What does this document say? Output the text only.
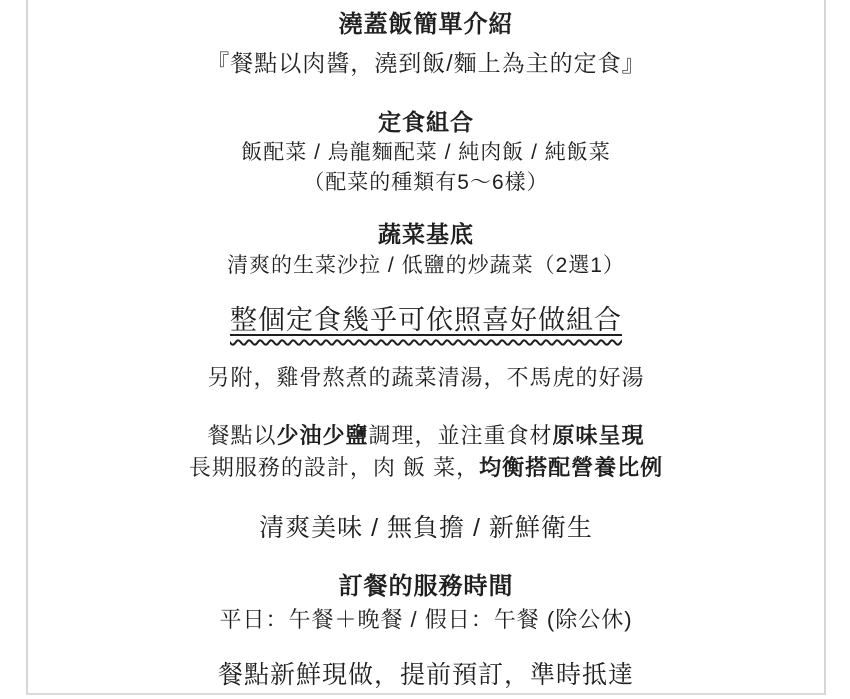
澆蓋飯簡單介紹
『餐點以肉醬，澆到飯/麵上為主的定食』
定食組合
飯配菜 / 烏龍麵配菜 / 純肉飯 / 純飯菜
（配菜的種類有5～6樣）
蔬菜基底
清爽的生菜沙拉 / 低鹽的炒蔬菜（2選1）
整個定食幾乎可依照喜好做組合
另附，雞骨熬煮的蔬菜清湯，不馬虎的好湯
餐點以少油少鹽調理，並注重食材原味呈現
長期服務的設計，肉 飯 菜，均衡搭配營養比例
清爽美味 / 無負擔 / 新鮮衛生
訂餐的服務時間
平日：午餐＋晚餐 / 假日：午餐 (除公休)
餐點新鮮現做，提前預訂，準時抵達
